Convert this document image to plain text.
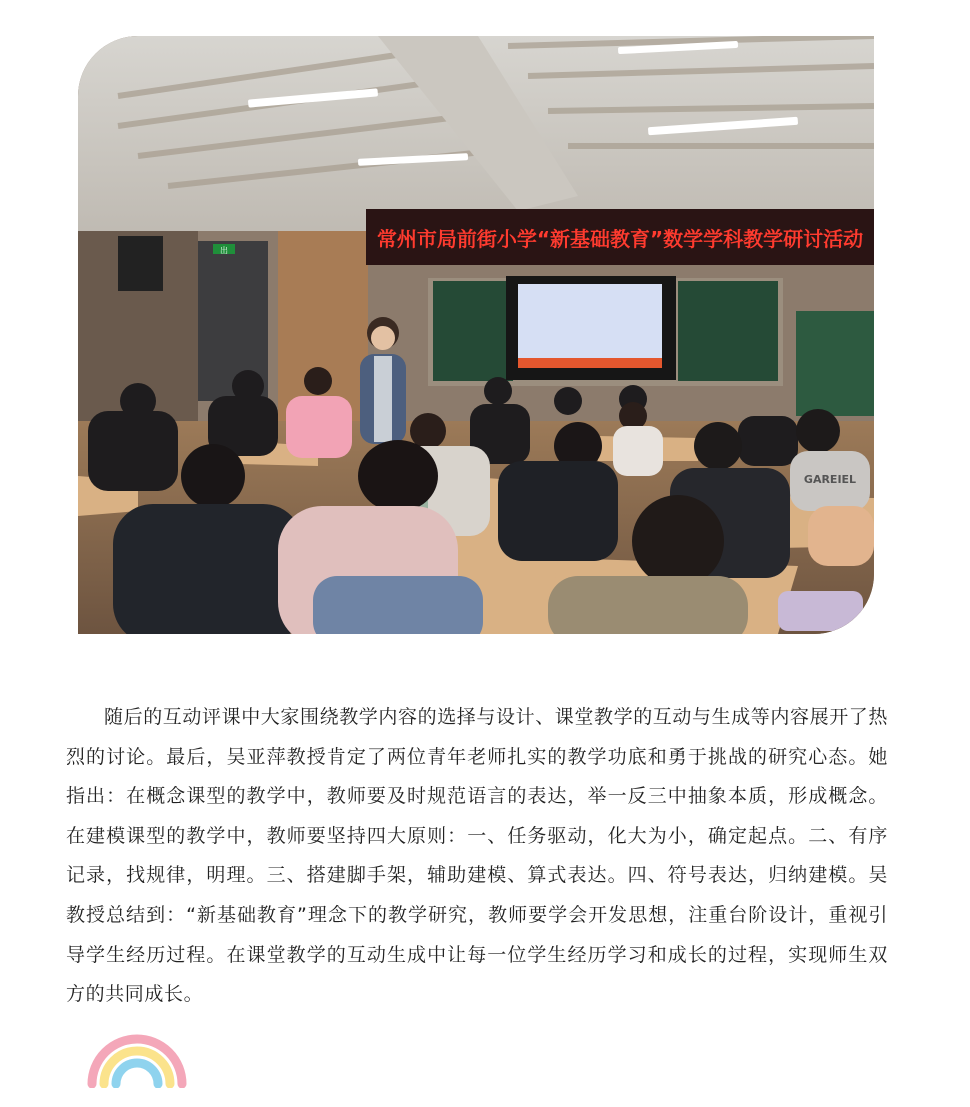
出	常州市局前街小学“新基础教育”数学学科教学研讨活动
GAREIEL

随后的互动评课中大家围绕教学内容的选择与设计、课堂教学的互动与生成等内容展开了热烈的讨论。最后，吴亚萍教授肯定了两位青年老师扎实的教学功底和勇于挑战的研究心态。她指出：在概念课型的教学中，教师要及时规范语言的表达，举一反三中抽象本质，形成概念。在建模课型的教学中，教师要坚持四大原则：一、任务驱动，化大为小，确定起点。二、有序记录，找规律，明理。三、搭建脚手架，辅助建模、算式表达。四、符号表达，归纳建模。吴教授总结到：“新基础教育”理念下的教学研究，教师要学会开发思想，注重台阶设计，重视引导学生经历过程。在课堂教学的互动生成中让每一位学生经历学习和成长的过程，实现师生双方的共同成长。
